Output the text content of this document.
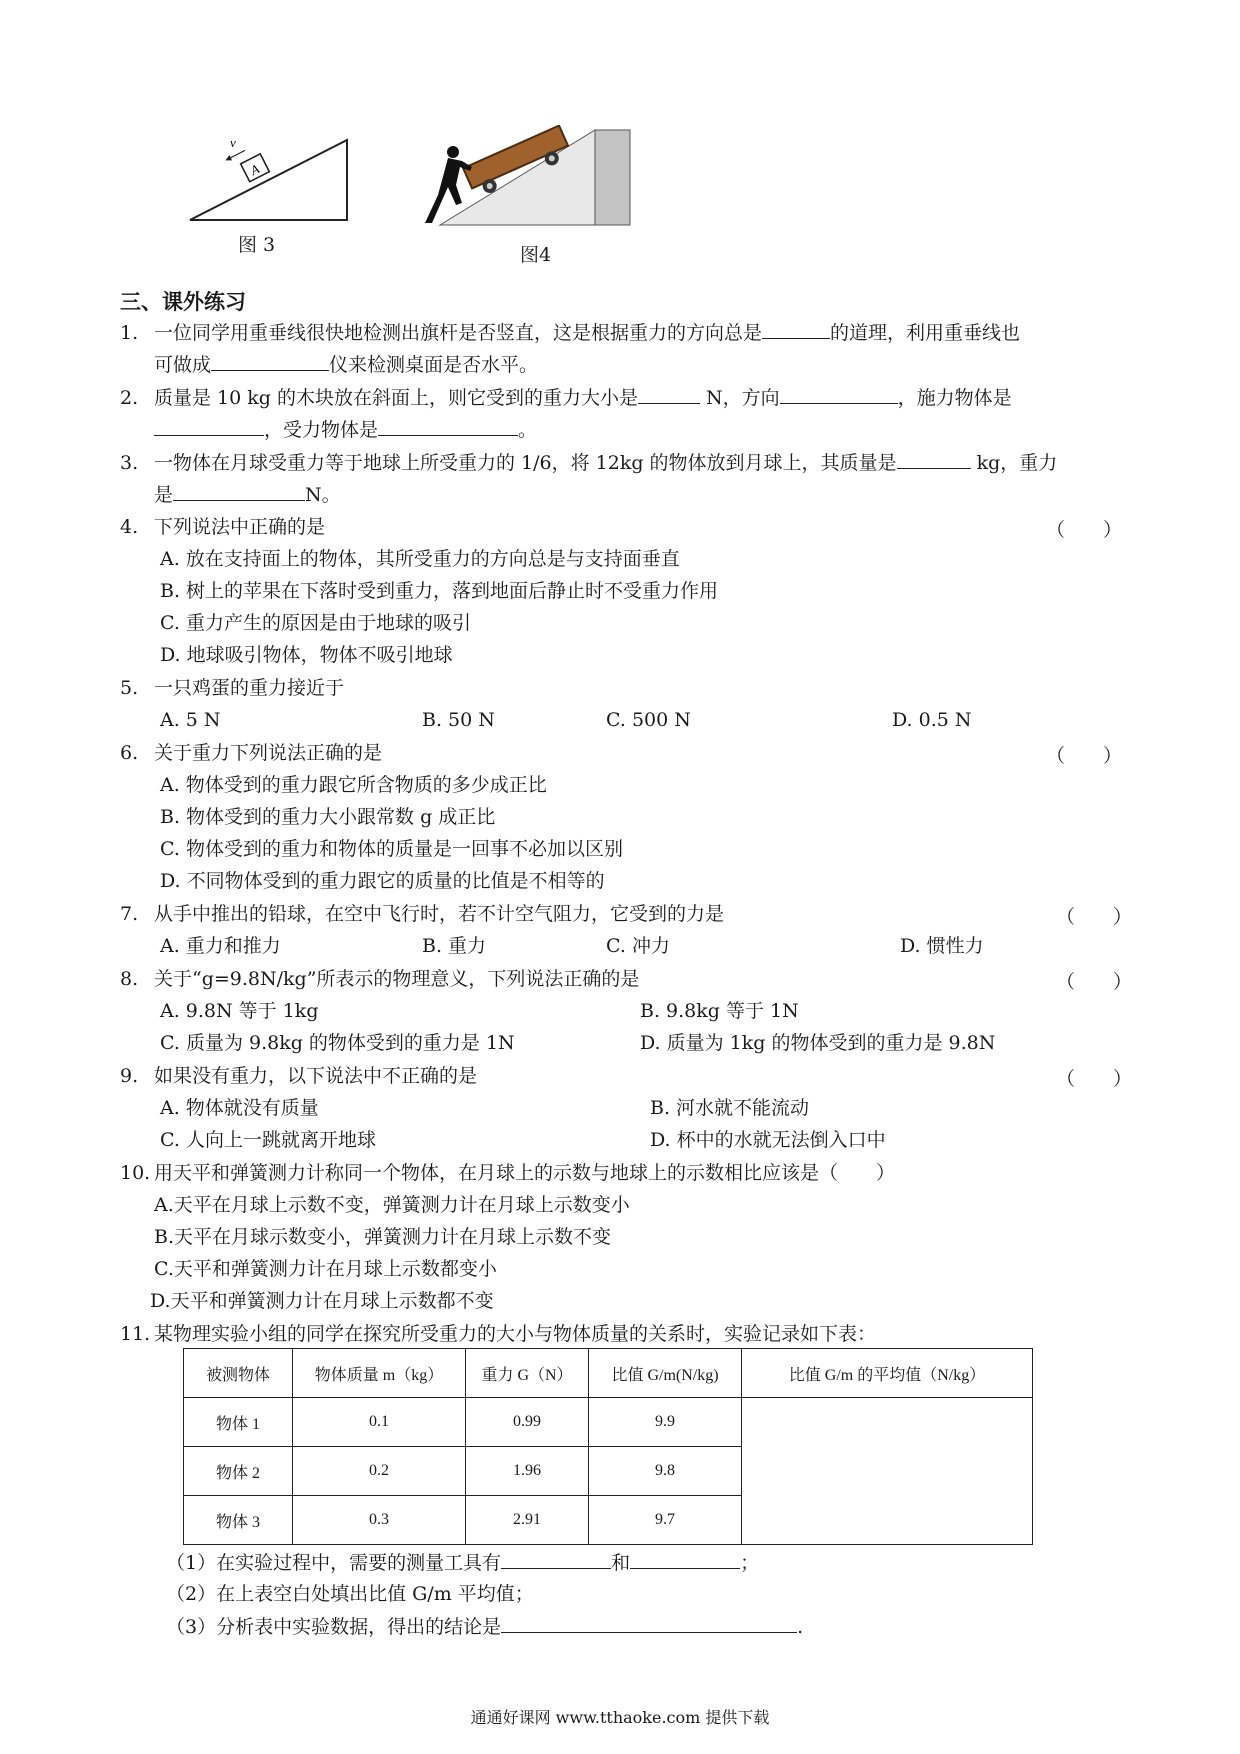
A
v
图 3	图4
三、课外练习
1. 一位同学用重垂线很快地检测出旗杆是否竖直，这是根据重力的方向总是	的道理，利用重垂线也
可做成	仪来检测桌面是否水平。
2. 质量是 10 kg 的木块放在斜面上，则它受到的重力大小是	N，方向	，施力物体是
，受力物体是	。
3. 一物体在月球受重力等于地球上所受重力的 1/6，将 12kg 的物体放到月球上，其质量是	kg，重力
是	N。
4. 下列说法中正确的是	（　　）
A. 放在支持面上的物体，其所受重力的方向总是与支持面垂直
B. 树上的苹果在下落时受到重力，落到地面后静止时不受重力作用
C. 重力产生的原因是由于地球的吸引
D. 地球吸引物体，物体不吸引地球
5. 一只鸡蛋的重力接近于
A. 5 N	B. 50 N	C. 500 N	D. 0.5 N
6. 关于重力下列说法正确的是	（　　）
A. 物体受到的重力跟它所含物质的多少成正比
B. 物体受到的重力大小跟常数 g 成正比
C. 物体受到的重力和物体的质量是一回事不必加以区别
D. 不同物体受到的重力跟它的质量的比值是不相等的
7. 从手中推出的铅球，在空中飞行时，若不计空气阻力，它受到的力是	（　　）
A. 重力和推力	B. 重力	C. 冲力	D. 惯性力
8. 关于“g=9.8N/kg”所表示的物理意义，下列说法正确的是	（　　）
A. 9.8N 等于 1kg	B. 9.8kg 等于 1N
C. 质量为 9.8kg 的物体受到的重力是 1N	D. 质量为 1kg 的物体受到的重力是 9.8N
9. 如果没有重力，以下说法中不正确的是	（　　）
A. 物体就没有质量	B. 河水就不能流动
C. 人向上一跳就离开地球	D. 杯中的水就无法倒入口中
10. 用天平和弹簧测力计称同一个物体，在月球上的示数与地球上的示数相比应该是（　　）
A.天平在月球上示数不变，弹簧测力计在月球上示数变小
B.天平在月球示数变小，弹簧测力计在月球上示数不变
C.天平和弹簧测力计在月球上示数都变小
D.天平和弹簧测力计在月球上示数都不变
11. 某物理实验小组的同学在探究所受重力的大小与物体质量的关系时，实验记录如下表：
被测物体	物体质量 m（kg）	重力 G（N）	比值 G/m(N/kg)	比值 G/m 的平均值（N/kg）
物体 1	0.1	0.99	9.9	
物体 2	0.2	1.96	9.8	
物体 3	0.3	2.91	9.7	
（1）在实验过程中，需要的测量工具有	和	；
（2）在上表空白处填出比值 G/m 平均值；
（3）分析表中实验数据，得出的结论是	.
通通好课网 www.tthaoke.com 提供下载
